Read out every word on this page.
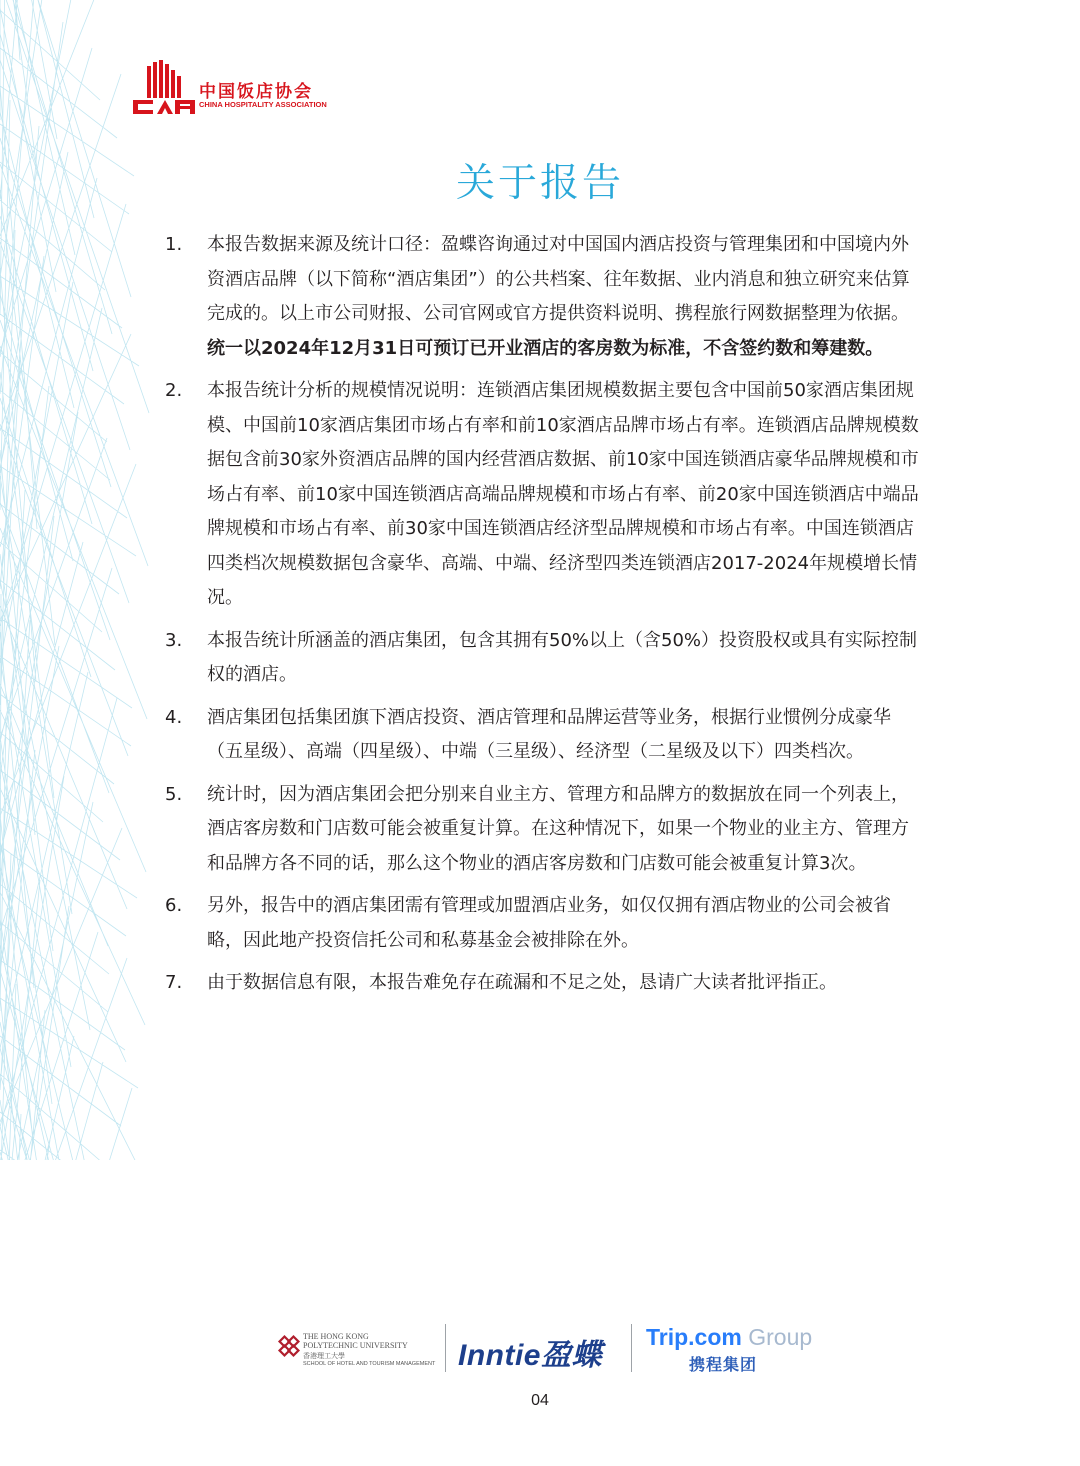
中国饭店协会
CHINA HOSPITALITY ASSOCIATION
关于报告
1.	本报告数据来源及统计口径：盈蝶咨询通过对中国国内酒店投资与管理集团和中国境内外资酒店品牌（以下简称“酒店集团”）的公共档案、往年数据、业内消息和独立研究来估算完成的。以上市公司财报、公司官网或官方提供资料说明、携程旅行网数据整理为依据。统一以2024年12月31日可预订已开业酒店的客房数为标准，不含签约数和筹建数。
2.	本报告统计分析的规模情况说明：连锁酒店集团规模数据主要包含中国前50家酒店集团规模、中国前10家酒店集团市场占有率和前10家酒店品牌市场占有率。连锁酒店品牌规模数据包含前30家外资酒店品牌的国内经营酒店数据、前10家中国连锁酒店豪华品牌规模和市场占有率、前10家中国连锁酒店高端品牌规模和市场占有率、前20家中国连锁酒店中端品牌规模和市场占有率、前30家中国连锁酒店经济型品牌规模和市场占有率。中国连锁酒店四类档次规模数据包含豪华、高端、中端、经济型四类连锁酒店2017-2024年规模增长情况。
3.	本报告统计所涵盖的酒店集团，包含其拥有50%以上（含50%）投资股权或具有实际控制权的酒店。
4.	酒店集团包括集团旗下酒店投资、酒店管理和品牌运营等业务，根据行业惯例分成豪华（五星级）、高端（四星级）、中端（三星级）、经济型（二星级及以下）四类档次。
5.	统计时，因为酒店集团会把分别来自业主方、管理方和品牌方的数据放在同一个列表上，酒店客房数和门店数可能会被重复计算。在这种情况下，如果一个物业的业主方、管理方和品牌方各不同的话，那么这个物业的酒店客房数和门店数可能会被重复计算3次。
6.	另外，报告中的酒店集团需有管理或加盟酒店业务，如仅仅拥有酒店物业的公司会被省略，因此地产投资信托公司和私募基金会被排除在外。
7.	由于数据信息有限，本报告难免存在疏漏和不足之处，恳请广大读者批评指正。
THE HONG KONG
POLYTECHNIC UNIVERSITY
香港理工大學
SCHOOL OF HOTEL AND TOURISM MANAGEMENT Inntie盈蝶
Trip.com Group
携程集团
04
